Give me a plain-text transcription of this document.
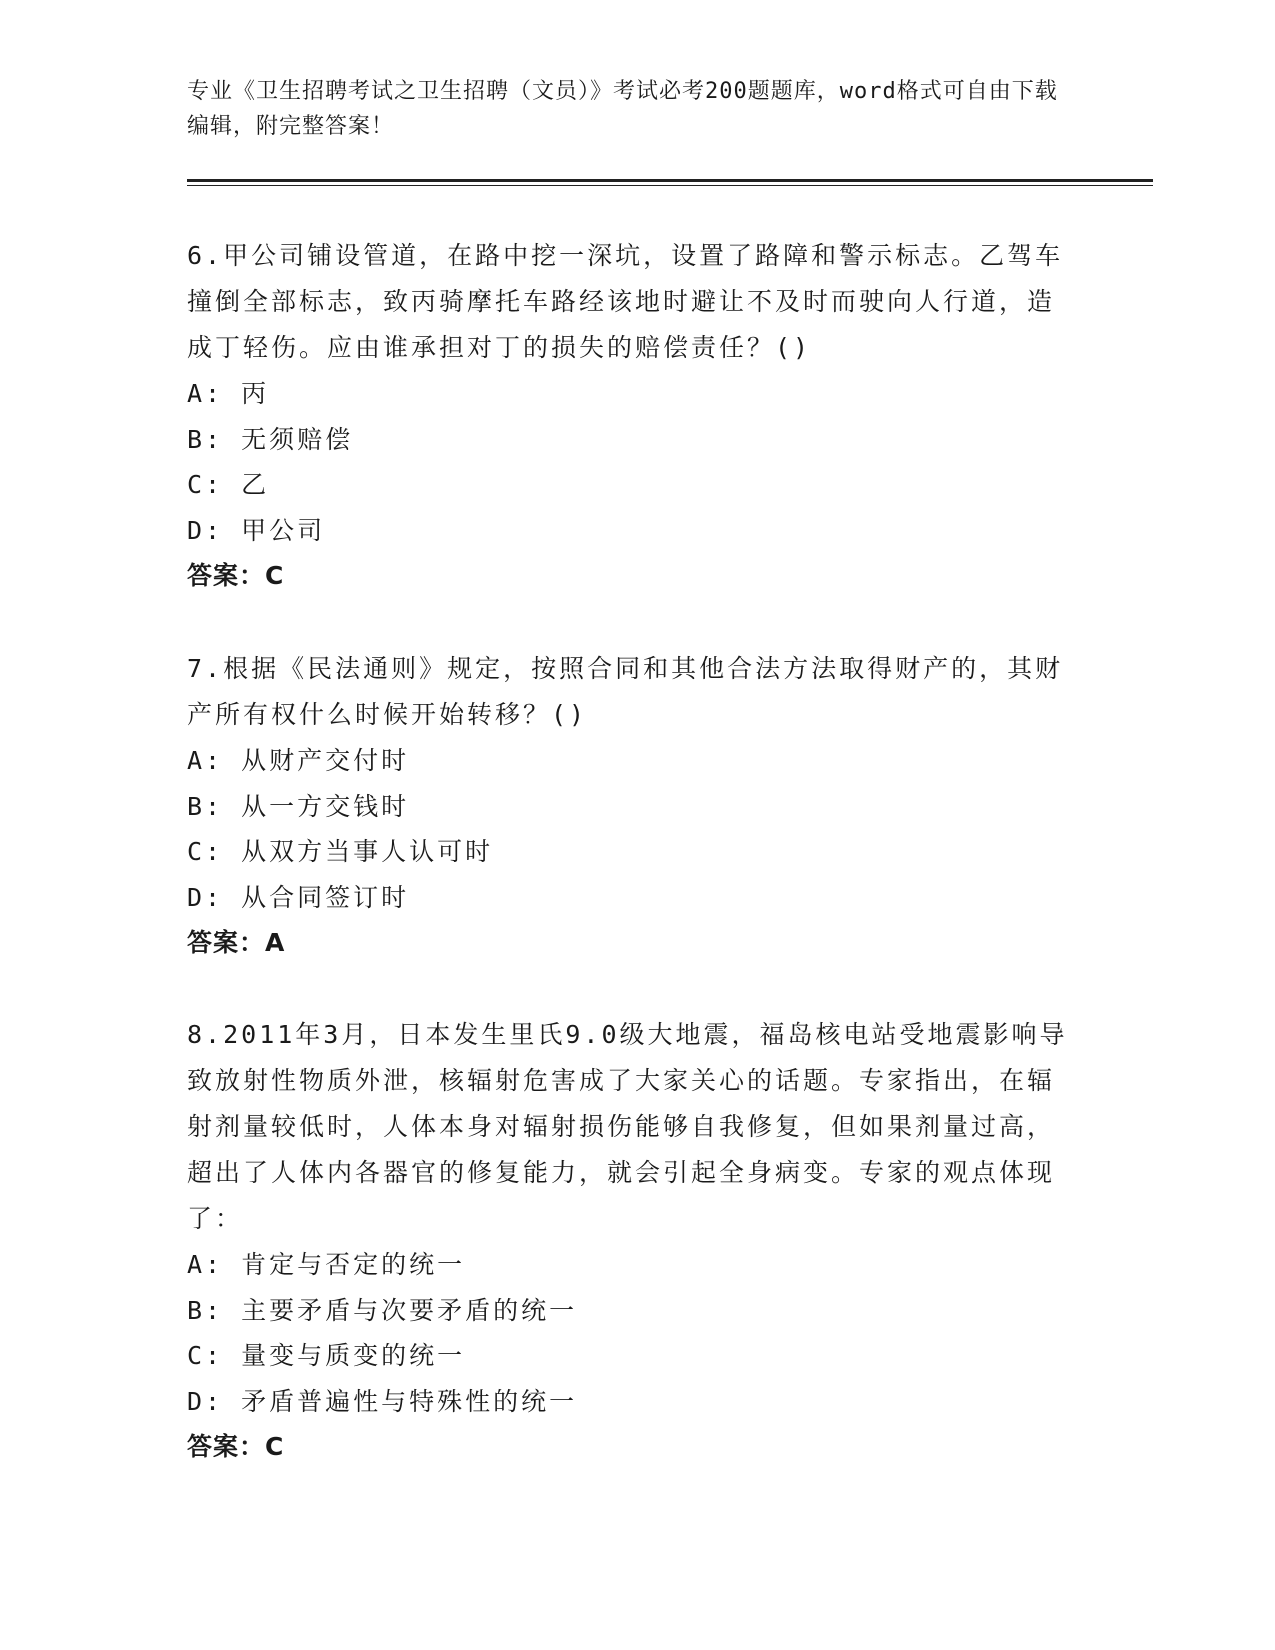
专业《卫生招聘考试之卫生招聘（文员）》考试必考200题题库，word格式可自由下载编辑，附完整答案！

6.甲公司铺设管道，在路中挖一深坑，设置了路障和警示标志。乙驾车撞倒全部标志，致丙骑摩托车路经该地时避让不及时而驶向人行道，造成丁轻伤。应由谁承担对丁的损失的赔偿责任？()

A: 丙

B: 无须赔偿

C: 乙

D: 甲公司

答案：C

7.根据《民法通则》规定，按照合同和其他合法方法取得财产的，其财产所有权什么时候开始转移？()

A: 从财产交付时

B: 从一方交钱时

C: 从双方当事人认可时

D: 从合同签订时

答案：A

8.2011年3月，日本发生里氏9.0级大地震，福岛核电站受地震影响导致放射性物质外泄，核辐射危害成了大家关心的话题。专家指出，在辐射剂量较低时，人体本身对辐射损伤能够自我修复，但如果剂量过高，超出了人体内各器官的修复能力，就会引起全身病变。专家的观点体现了：

A: 肯定与否定的统一

B: 主要矛盾与次要矛盾的统一

C: 量变与质变的统一

D: 矛盾普遍性与特殊性的统一

答案：C
